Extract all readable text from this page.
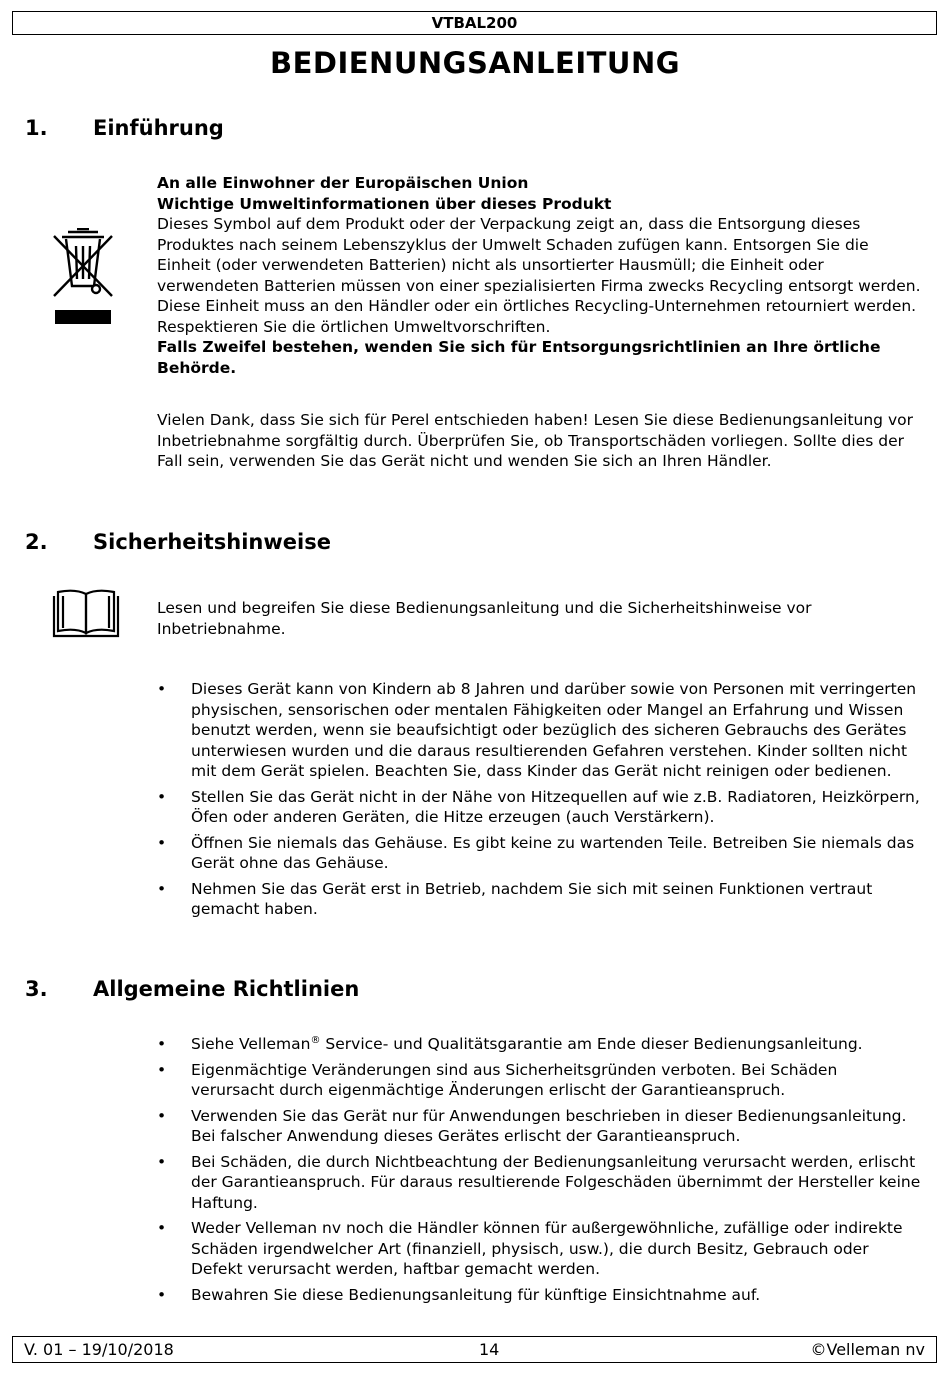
VTBAL200
BEDIENUNGSANLEITUNG
1. Einführung

An alle Einwohner der Europäischen Union

Wichtige Umweltinformationen über dieses Produkt

Dieses Symbol auf dem Produkt oder der Verpackung zeigt an, dass die Entsorgung dieses Produktes nach seinem Lebenszyklus der Umwelt Schaden zufügen kann. Entsorgen Sie die Einheit (oder verwendeten Batterien) nicht als unsortierter Hausmüll; die Einheit oder verwendeten Batterien müssen von einer spezialisierten Firma zwecks Recycling entsorgt werden. Diese Einheit muss an den Händler oder ein örtliches Recycling-Unternehmen retourniert werden. Respektieren Sie die örtlichen Umweltvorschriften.

Falls Zweifel bestehen, wenden Sie sich für Entsorgungsrichtlinien an Ihre örtliche Behörde.

Vielen Dank, dass Sie sich für Perel entschieden haben! Lesen Sie diese Bedienungsanleitung vor Inbetriebnahme sorgfältig durch. Überprüfen Sie, ob Transportschäden vorliegen. Sollte dies der Fall sein, verwenden Sie das Gerät nicht und wenden Sie sich an Ihren Händler.
2. Sicherheitshinweise
Lesen und begreifen Sie diese Bedienungsanleitung und die Sicherheitshinweise vor Inbetriebnahme.
• Dieses Gerät kann von Kindern ab 8 Jahren und darüber sowie von Personen mit verringerten physischen, sensorischen oder mentalen Fähigkeiten oder Mangel an Erfahrung und Wissen benutzt werden, wenn sie beaufsichtigt oder bezüglich des sicheren Gebrauchs des Gerätes unterwiesen wurden und die daraus resultierenden Gefahren verstehen. Kinder sollten nicht mit dem Gerät spielen. Beachten Sie, dass Kinder das Gerät nicht reinigen oder bedienen.
• Stellen Sie das Gerät nicht in der Nähe von Hitzequellen auf wie z.B. Radiatoren, Heizkörpern, Öfen oder anderen Geräten, die Hitze erzeugen (auch Verstärkern).
• Öffnen Sie niemals das Gehäuse. Es gibt keine zu wartenden Teile. Betreiben Sie niemals das Gerät ohne das Gehäuse.
• Nehmen Sie das Gerät erst in Betrieb, nachdem Sie sich mit seinen Funktionen vertraut gemacht haben.
3. Allgemeine Richtlinien
• Siehe Velleman® Service- und Qualitätsgarantie am Ende dieser Bedienungsanleitung.
• Eigenmächtige Veränderungen sind aus Sicherheitsgründen verboten. Bei Schäden verursacht durch eigenmächtige Änderungen erlischt der Garantieanspruch.
• Verwenden Sie das Gerät nur für Anwendungen beschrieben in dieser Bedienungsanleitung. Bei falscher Anwendung dieses Gerätes erlischt der Garantieanspruch.
• Bei Schäden, die durch Nichtbeachtung der Bedienungsanleitung verursacht werden, erlischt der Garantieanspruch. Für daraus resultierende Folgeschäden übernimmt der Hersteller keine Haftung.
• Weder Velleman nv noch die Händler können für außergewöhnliche, zufällige oder indirekte Schäden irgendwelcher Art (finanziell, physisch, usw.), die durch Besitz, Gebrauch oder Defekt verursacht werden, haftbar gemacht werden.
• Bewahren Sie diese Bedienungsanleitung für künftige Einsichtnahme auf.
V. 01 – 19/10/2018	14	©Velleman nv
